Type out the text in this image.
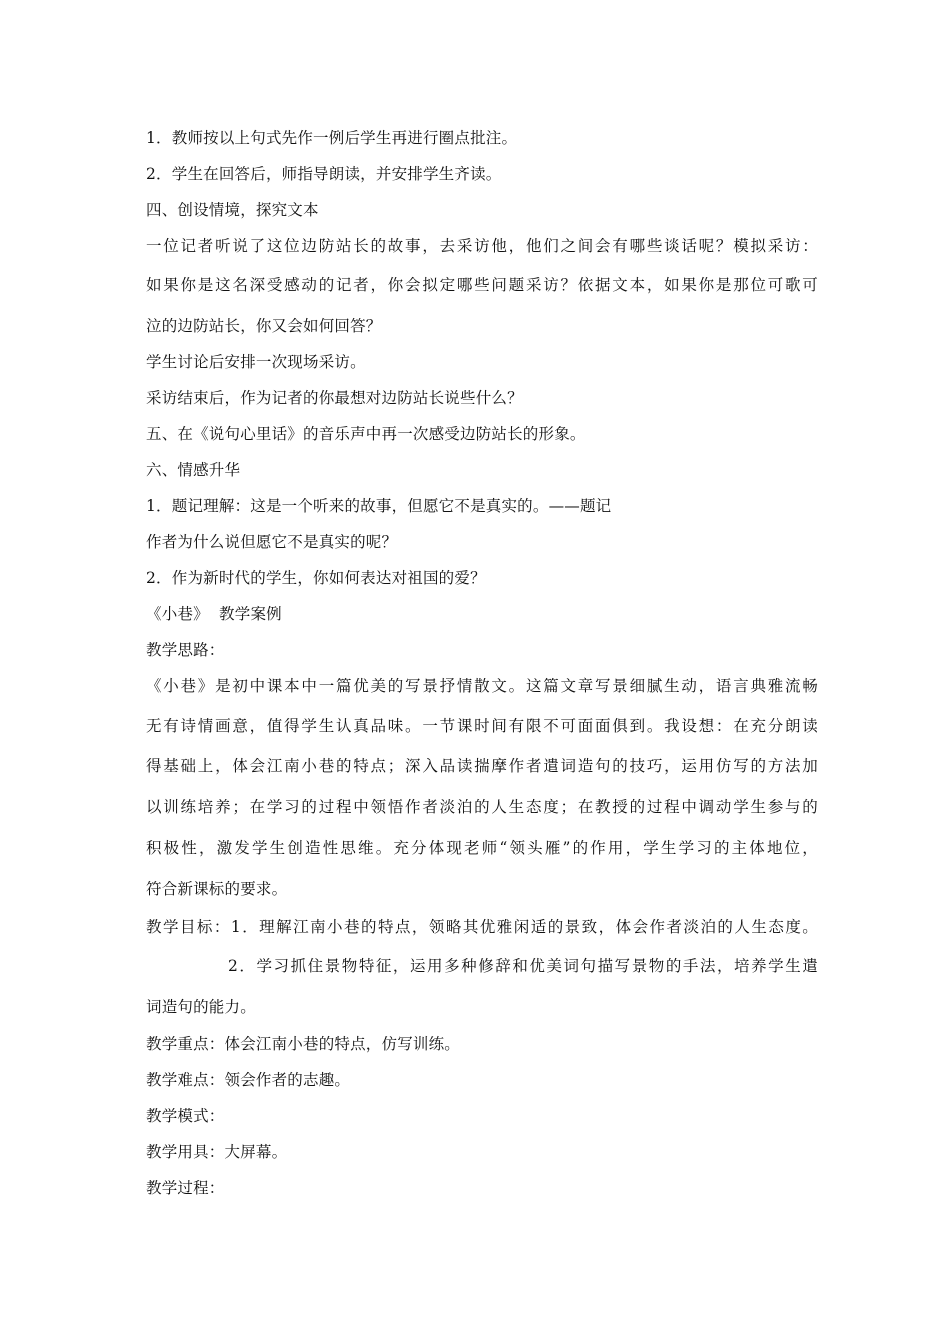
1．教师按以上句式先作一例后学生再进行圈点批注。
2．学生在回答后，师指导朗读，并安排学生齐读。
四、创设情境，探究文本
一位记者听说了这位边防站长的故事，去采访他，他们之间会有哪些谈话呢？模拟采访：
如果你是这名深受感动的记者，你会拟定哪些问题采访？依据文本，如果你是那位可歌可
泣的边防站长，你又会如何回答？
学生讨论后安排一次现场采访。
采访结束后，作为记者的你最想对边防站长说些什么？
五、在《说句心里话》的音乐声中再一次感受边防站长的形象。
六、情感升华
1．题记理解：这是一个听来的故事，但愿它不是真实的。——题记
作者为什么说但愿它不是真实的呢？
2．作为新时代的学生，你如何表达对祖国的爱？
《小巷》  教学案例
教学思路：
《小巷》是初中课本中一篇优美的写景抒情散文。这篇文章写景细腻生动，语言典雅流畅
无有诗情画意，值得学生认真品味。一节课时间有限不可面面俱到。我设想：在充分朗读
得基础上，体会江南小巷的特点；深入品读揣摩作者遣词造句的技巧，运用仿写的方法加
以训练培养；在学习的过程中领悟作者淡泊的人生态度；在教授的过程中调动学生参与的
积极性，激发学生创造性思维。充分体现老师“领头雁”的作用，学生学习的主体地位，
符合新课标的要求。
教学目标：1．理解江南小巷的特点，领略其优雅闲适的景致，体会作者淡泊的人生态度。
2．学习抓住景物特征，运用多种修辞和优美词句描写景物的手法，培养学生遣
词造句的能力。
教学重点：体会江南小巷的特点，仿写训练。
教学难点：领会作者的志趣。
教学模式：
教学用具：大屏幕。
教学过程：
